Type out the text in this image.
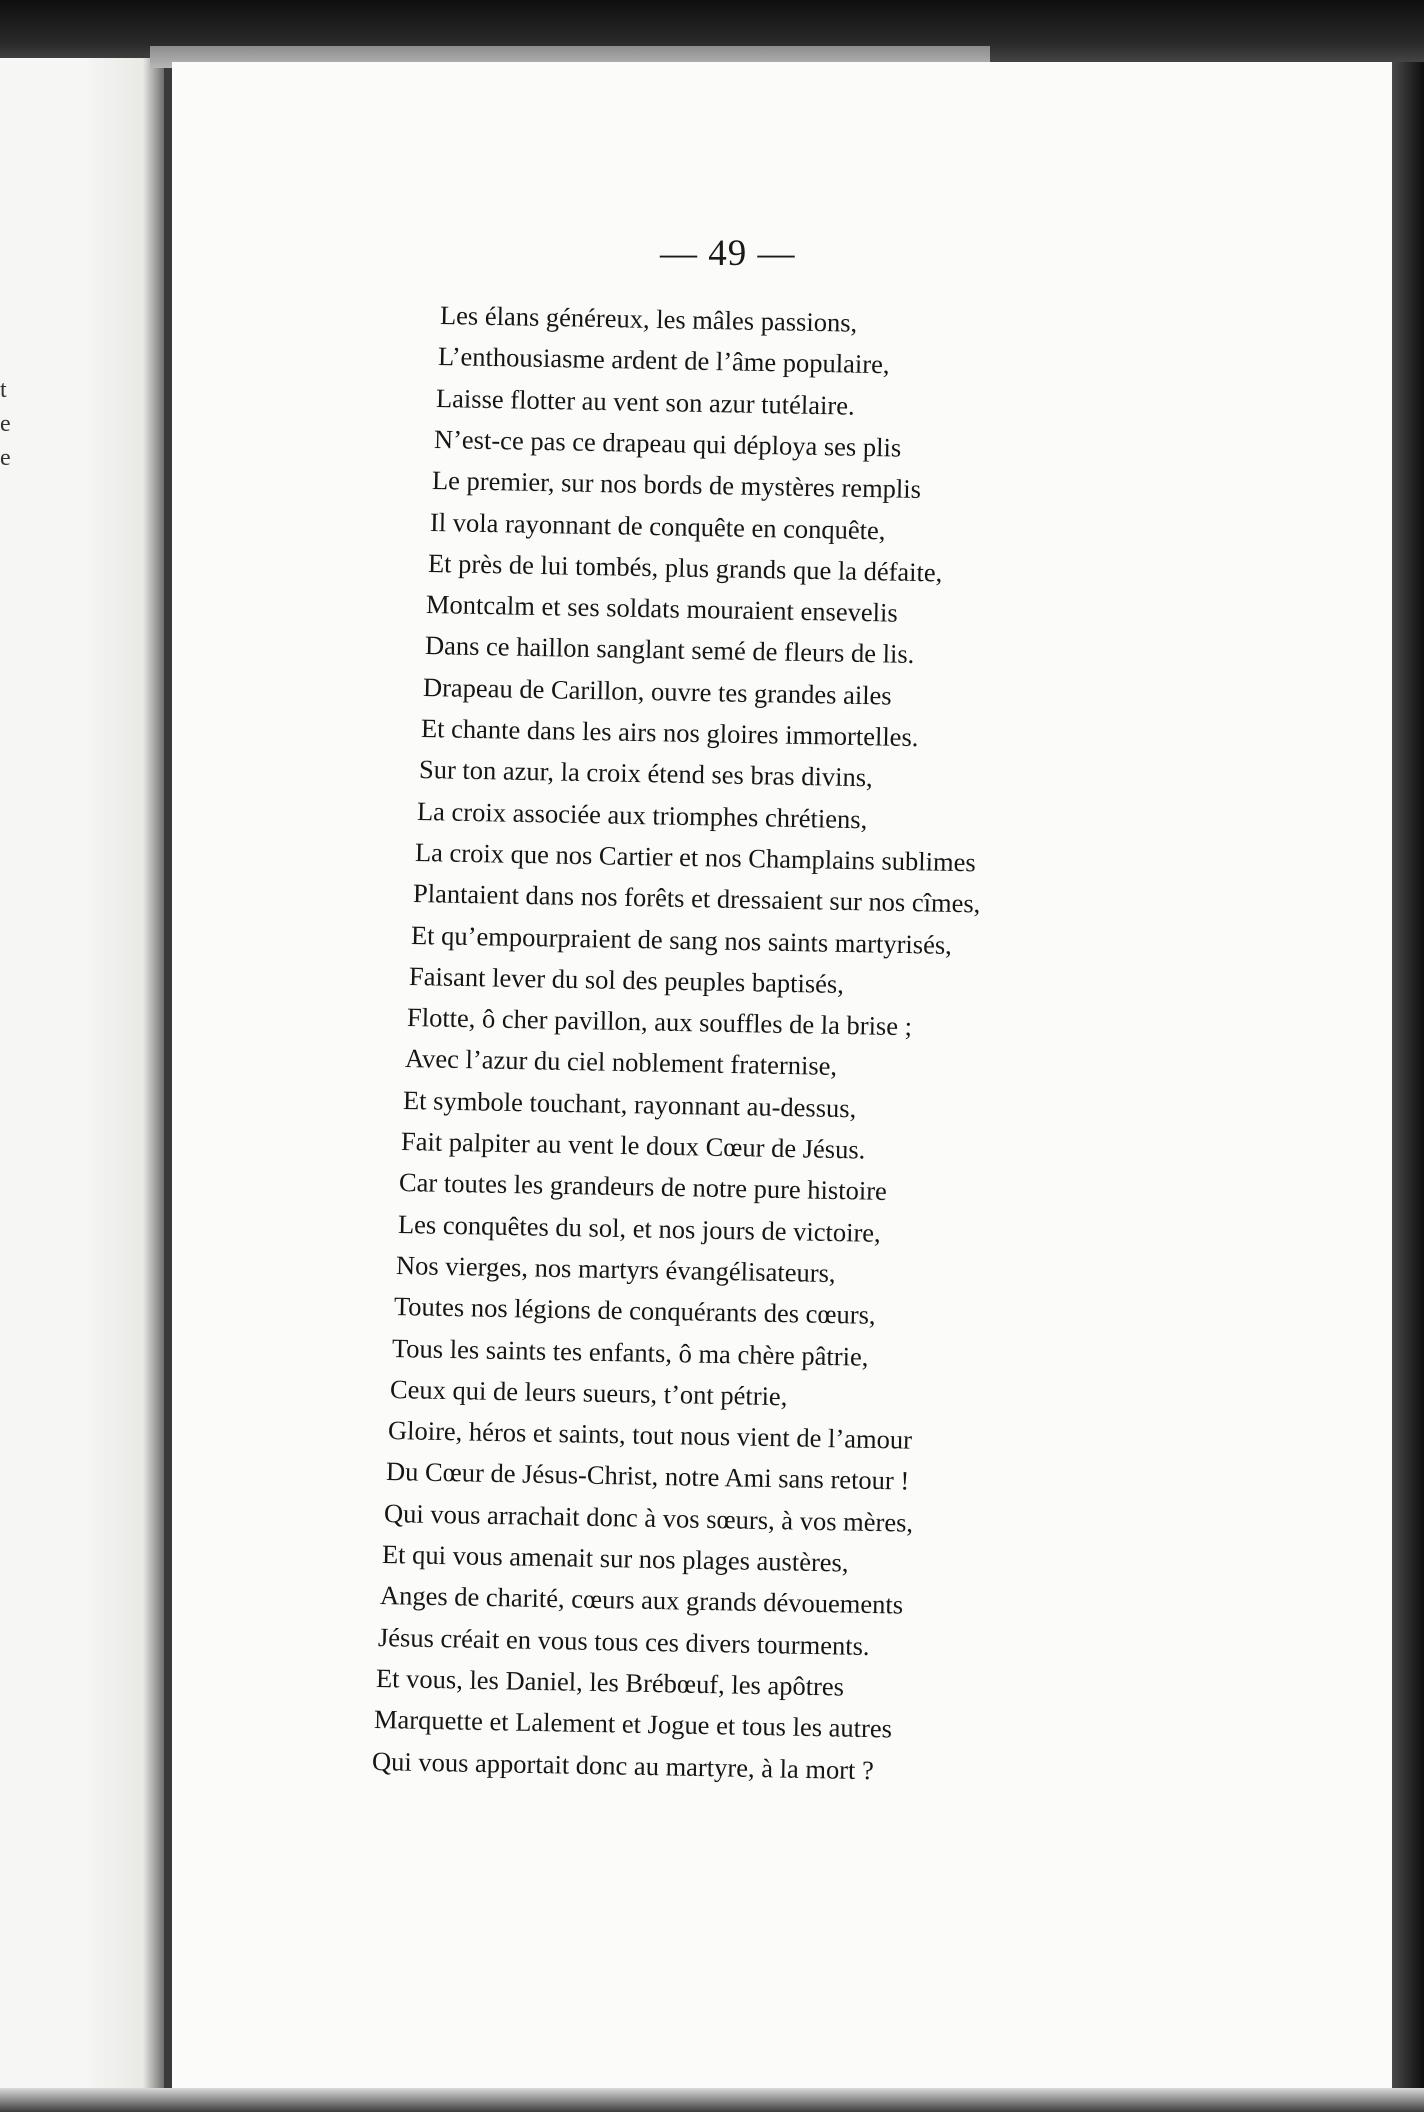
t
e
e
— 49 —
Les élans généreux, les mâles passions,
L’enthousiasme ardent de l’âme populaire,
Laisse flotter au vent son azur tutélaire.
N’est-ce pas ce drapeau qui déploya ses plis
Le premier, sur nos bords de mystères remplis
Il vola rayonnant de conquête en conquête,
Et près de lui tombés, plus grands que la défaite,
Montcalm et ses soldats mouraient ensevelis
Dans ce haillon sanglant semé de fleurs de lis.
Drapeau de Carillon, ouvre tes grandes ailes
Et chante dans les airs nos gloires immortelles.
Sur ton azur, la croix étend ses bras divins,
La croix associée aux triomphes chrétiens,
La croix que nos Cartier et nos Champlains sublimes
Plantaient dans nos forêts et dressaient sur nos cîmes,
Et qu’empourpraient de sang nos saints martyrisés,
Faisant lever du sol des peuples baptisés,
Flotte, ô cher pavillon, aux souffles de la brise ;
Avec l’azur du ciel noblement fraternise,
Et symbole touchant, rayonnant au-dessus,
Fait palpiter au vent le doux Cœur de Jésus.
Car toutes les grandeurs de notre pure histoire
Les conquêtes du sol, et nos jours de victoire,
Nos vierges, nos martyrs évangélisateurs,
Toutes nos légions de conquérants des cœurs,
Tous les saints tes enfants, ô ma chère pâtrie,
Ceux qui de leurs sueurs, t’ont pétrie,
Gloire, héros et saints, tout nous vient de l’amour
Du Cœur de Jésus-Christ, notre Ami sans retour !
Qui vous arrachait donc à vos sœurs, à vos mères,
Et qui vous amenait sur nos plages austères,
Anges de charité, cœurs aux grands dévouements
Jésus créait en vous tous ces divers tourments.
Et vous, les Daniel, les Brébœuf, les apôtres
Marquette et Lalement et Jogue et tous les autres
Qui vous apportait donc au martyre, à la mort ?
